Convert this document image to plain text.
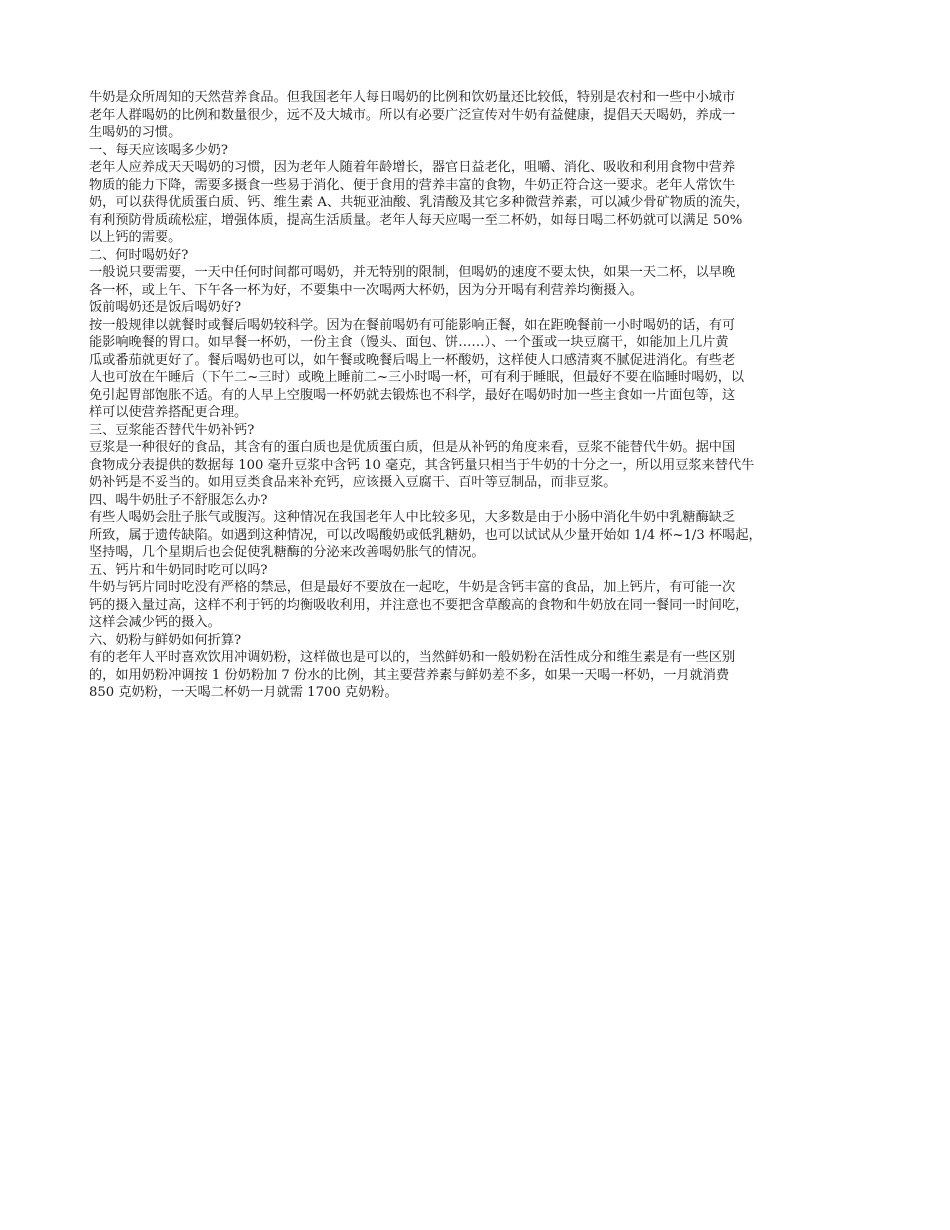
牛奶是众所周知的天然营养食品。但我国老年人每日喝奶的比例和饮奶量还比较低，特别是农村和一些中小城市
老年人群喝奶的比例和数量很少，远不及大城市。所以有必要广泛宣传对牛奶有益健康，提倡天天喝奶，养成一
生喝奶的习惯。
一、每天应该喝多少奶?
老年人应养成天天喝奶的习惯，因为老年人随着年龄增长，器官日益老化，咀嚼、消化、吸收和利用食物中营养
物质的能力下降，需要多摄食一些易于消化、便于食用的营养丰富的食物，牛奶正符合这一要求。老年人常饮牛
奶，可以获得优质蛋白质、钙、维生素 A、共轭亚油酸、乳清酸及其它多种微营养素，可以减少骨矿物质的流失，
有利预防骨质疏松症，增强体质，提高生活质量。老年人每天应喝一至二杯奶，如每日喝二杯奶就可以满足 50%
以上钙的需要。
二、何时喝奶好?
一般说只要需要，一天中任何时间都可喝奶，并无特别的限制，但喝奶的速度不要太快，如果一天二杯，以早晚
各一杯，或上午、下午各一杯为好，不要集中一次喝两大杯奶，因为分开喝有利营养均衡摄入。
饭前喝奶还是饭后喝奶好?
按一般规律以就餐时或餐后喝奶较科学。因为在餐前喝奶有可能影响正餐，如在距晚餐前一小时喝奶的话，有可
能影响晚餐的胃口。如早餐一杯奶，一份主食（馒头、面包、饼……）、一个蛋或一块豆腐干，如能加上几片黄
瓜或番茄就更好了。餐后喝奶也可以，如午餐或晚餐后喝上一杯酸奶，这样使人口感清爽不腻促进消化。有些老
人也可放在午睡后（下午二~三时）或晚上睡前二~三小时喝一杯，可有利于睡眠，但最好不要在临睡时喝奶，以
免引起胃部饱胀不适。有的人早上空腹喝一杯奶就去锻炼也不科学，最好在喝奶时加一些主食如一片面包等，这
样可以使营养搭配更合理。
三、豆浆能否替代牛奶补钙?
豆浆是一种很好的食品，其含有的蛋白质也是优质蛋白质，但是从补钙的角度来看，豆浆不能替代牛奶。据中国
食物成分表提供的数据每 100 毫升豆浆中含钙 10 毫克，其含钙量只相当于牛奶的十分之一，所以用豆浆来替代牛
奶补钙是不妥当的。如用豆类食品来补充钙，应该摄入豆腐干、百叶等豆制品，而非豆浆。
四、喝牛奶肚子不舒服怎么办?
有些人喝奶会肚子胀气或腹泻。这种情况在我国老年人中比较多见，大多数是由于小肠中消化牛奶中乳糖酶缺乏
所致，属于遗传缺陷。如遇到这种情况，可以改喝酸奶或低乳糖奶，也可以试试从少量开始如 1/4 杯~1/3 杯喝起，
坚持喝，几个星期后也会促使乳糖酶的分泌来改善喝奶胀气的情况。
五、钙片和牛奶同时吃可以吗?
牛奶与钙片同时吃没有严格的禁忌，但是最好不要放在一起吃，牛奶是含钙丰富的食品，加上钙片，有可能一次
钙的摄入量过高，这样不利于钙的均衡吸收利用，并注意也不要把含草酸高的食物和牛奶放在同一餐同一时间吃，
这样会减少钙的摄入。
六、奶粉与鲜奶如何折算?
有的老年人平时喜欢饮用冲调奶粉，这样做也是可以的，当然鲜奶和一般奶粉在活性成分和维生素是有一些区别
的，如用奶粉冲调按 1 份奶粉加 7 份水的比例，其主要营养素与鲜奶差不多，如果一天喝一杯奶，一月就消费
850 克奶粉，一天喝二杯奶一月就需 1700 克奶粉。
